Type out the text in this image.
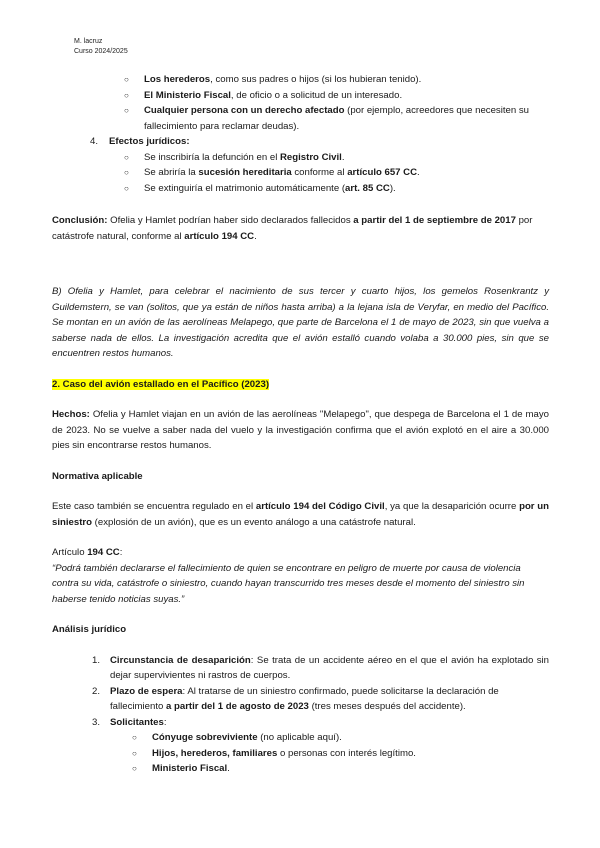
M. lacruz
Curso 2024/2025
○ Los herederos, como sus padres o hijos (si los hubieran tenido).
○ El Ministerio Fiscal, de oficio o a solicitud de un interesado.
○ Cualquier persona con un derecho afectado (por ejemplo, acreedores que necesiten su fallecimiento para reclamar deudas).
4. Efectos jurídicos:
○ Se inscribiría la defunción en el Registro Civil.
○ Se abriría la sucesión hereditaria conforme al artículo 657 CC.
○ Se extinguiría el matrimonio automáticamente (art. 85 CC).

Conclusión: Ofelia y Hamlet podrían haber sido declarados fallecidos a partir del 1 de septiembre de 2017 por catástrofe natural, conforme al artículo 194 CC.

B) Ofelia y Hamlet, para celebrar el nacimiento de sus tercer y cuarto hijos, los gemelos Rosenkrantz y Guildemstern, se van (solitos, que ya están de niños hasta arriba) a la lejana isla de Veryfar, en medio del Pacífico. Se montan en un avión de las aerolíneas Melapego, que parte de Barcelona el 1 de mayo de 2023, sin que vuelva a saberse nada de ellos. La investigación acredita que el avión estalló cuando volaba a 30.000 pies, sin que se encuentren restos humanos.

2. Caso del avión estallado en el Pacífico (2023)

Hechos: Ofelia y Hamlet viajan en un avión de las aerolíneas "Melapego", que despega de Barcelona el 1 de mayo de 2023. No se vuelve a saber nada del vuelo y la investigación confirma que el avión explotó en el aire a 30.000 pies sin encontrarse restos humanos.

Normativa aplicable

Este caso también se encuentra regulado en el artículo 194 del Código Civil, ya que la desaparición ocurre por un siniestro (explosión de un avión), que es un evento análogo a una catástrofe natural.

Artículo 194 CC:

“Podrá también declararse el fallecimiento de quien se encontrare en peligro de muerte por causa de violencia contra su vida, catástrofe o siniestro, cuando hayan transcurrido tres meses desde el momento del siniestro sin haberse tenido noticias suyas.”

Análisis jurídico

1. Circunstancia de desaparición: Se trata de un accidente aéreo en el que el avión ha explotado sin dejar supervivientes ni rastros de cuerpos.
2. Plazo de espera: Al tratarse de un siniestro confirmado, puede solicitarse la declaración de fallecimiento a partir del 1 de agosto de 2023 (tres meses después del accidente).
3. Solicitantes:
○ Cónyuge sobreviviente (no aplicable aquí).
○ Hijos, herederos, familiares o personas con interés legítimo.
○ Ministerio Fiscal.
